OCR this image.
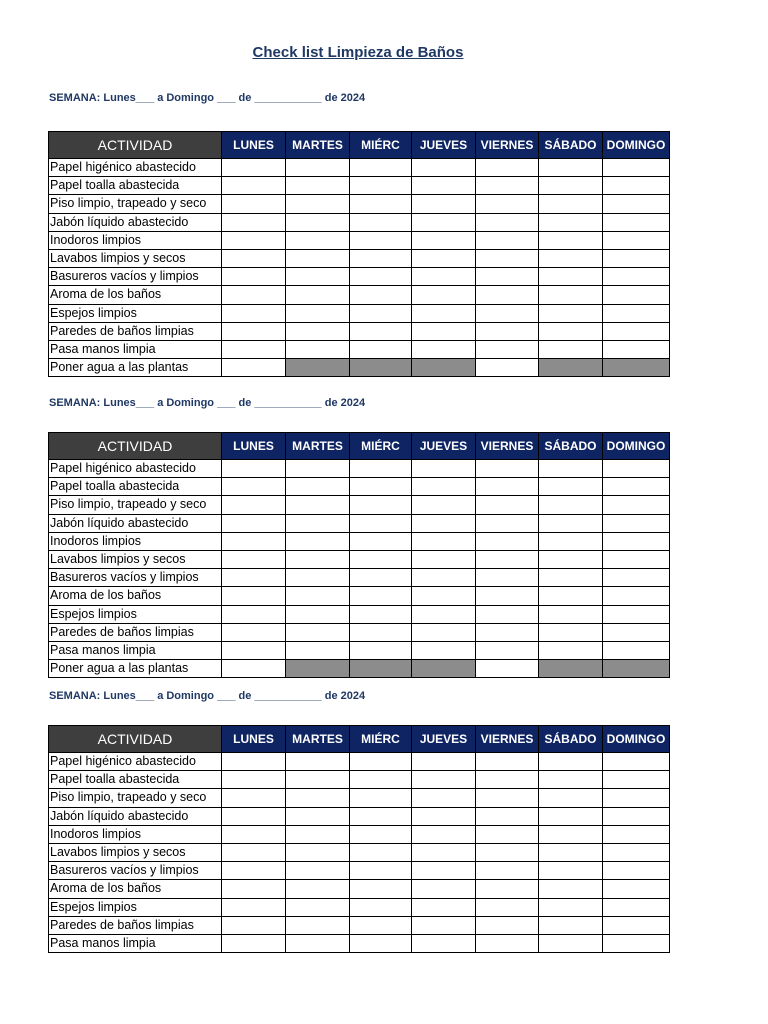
Check list Limpieza de Baños
SEMANA: Lunes___ a Domingo ___ de ___________ de 2024
ACTIVIDAD	LUNES	MARTES	MIÉRC	JUEVES	VIERNES	SÁBADO	DOMINGO
Papel higénico abastecido							
Papel toalla abastecida							
Piso limpio, trapeado y seco							
Jabón líquido abastecido							
Inodoros limpios							
Lavabos limpios y secos							
Basureros vacíos y limpios							
Aroma de los baños							
Espejos limpios							
Paredes de baños limpias							
Pasa manos limpia							
Poner agua a las plantas							
SEMANA: Lunes___ a Domingo ___ de ___________ de 2024
ACTIVIDAD	LUNES	MARTES	MIÉRC	JUEVES	VIERNES	SÁBADO	DOMINGO
Papel higénico abastecido							
Papel toalla abastecida							
Piso limpio, trapeado y seco							
Jabón líquido abastecido							
Inodoros limpios							
Lavabos limpios y secos							
Basureros vacíos y limpios							
Aroma de los baños							
Espejos limpios							
Paredes de baños limpias							
Pasa manos limpia							
Poner agua a las plantas							
SEMANA: Lunes___ a Domingo ___ de ___________ de 2024
ACTIVIDAD	LUNES	MARTES	MIÉRC	JUEVES	VIERNES	SÁBADO	DOMINGO
Papel higénico abastecido							
Papel toalla abastecida							
Piso limpio, trapeado y seco							
Jabón líquido abastecido							
Inodoros limpios							
Lavabos limpios y secos							
Basureros vacíos y limpios							
Aroma de los baños							
Espejos limpios							
Paredes de baños limpias							
Pasa manos limpia							
